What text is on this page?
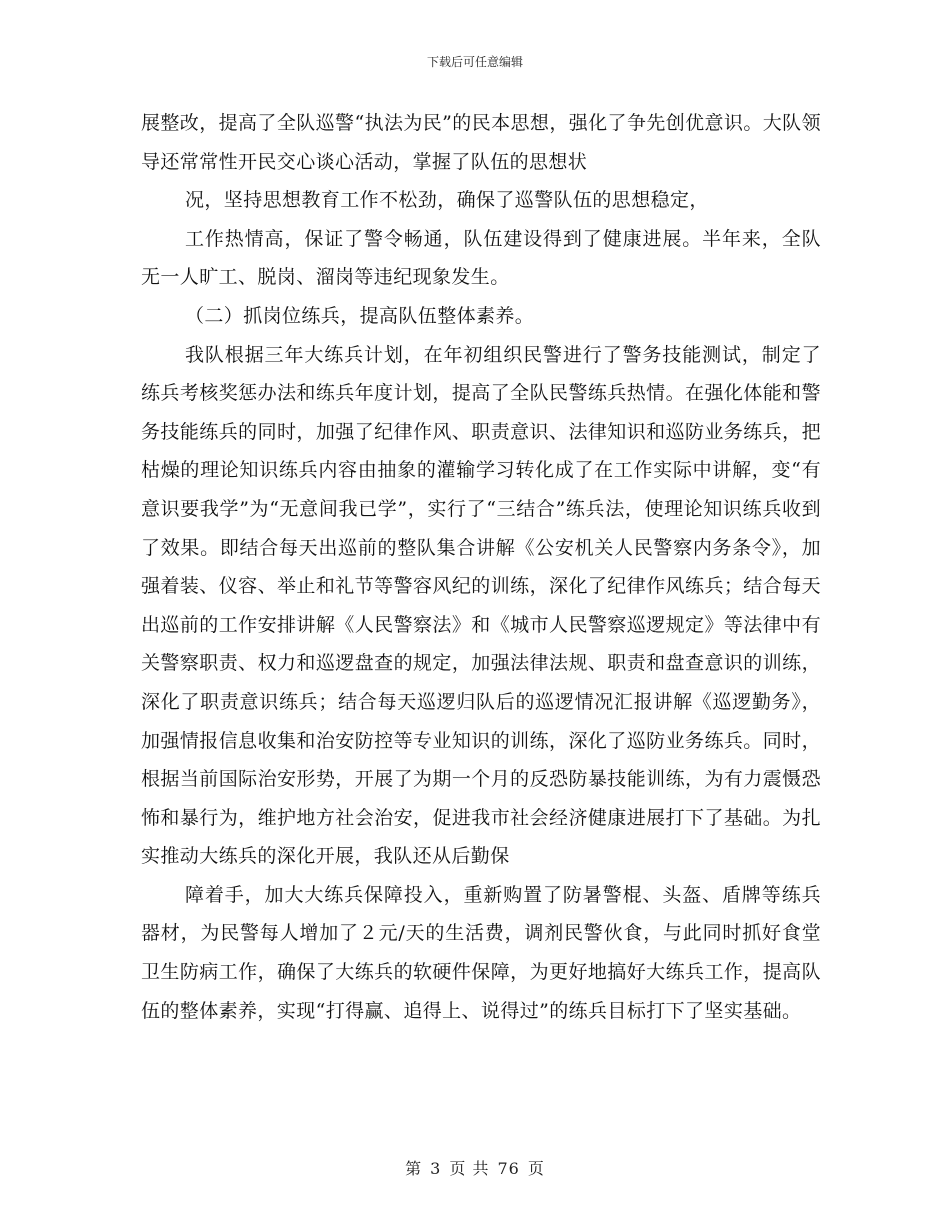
下载后可任意编辑

展整改，提高了全队巡警“执法为民”的民本思想，强化了争先创优意识。大队领导还常常性开民交心谈心活动，掌握了队伍的思想状

况，坚持思想教育工作不松劲，确保了巡警队伍的思想稳定，

工作热情高，保证了警令畅通，队伍建设得到了健康进展。半年来，全队无一人旷工、脱岗、溜岗等违纪现象发生。

（二）抓岗位练兵，提高队伍整体素养。

我队根据三年大练兵计划，在年初组织民警进行了警务技能测试，制定了练兵考核奖惩办法和练兵年度计划，提高了全队民警练兵热情。在强化体能和警务技能练兵的同时，加强了纪律作风、职责意识、法律知识和巡防业务练兵，把枯燥的理论知识练兵内容由抽象的灌输学习转化成了在工作实际中讲解，变“有意识要我学”为“无意间我已学”，实行了“三结合”练兵法，使理论知识练兵收到了效果。即结合每天出巡前的整队集合讲解《公安机关人民警察内务条令》，加强着装、仪容、举止和礼节等警容风纪的训练，深化了纪律作风练兵；结合每天出巡前的工作安排讲解《人民警察法》和《城市人民警察巡逻规定》等法律中有关警察职责、权力和巡逻盘查的规定，加强法律法规、职责和盘查意识的训练，深化了职责意识练兵；结合每天巡逻归队后的巡逻情况汇报讲解《巡逻勤务》，加强情报信息收集和治安防控等专业知识的训练，深化了巡防业务练兵。同时，根据当前国际治安形势，开展了为期一个月的反恐防暴技能训练，为有力震慑恐怖和暴行为，维护地方社会治安，促进我市社会经济健康进展打下了基础。为扎实推动大练兵的深化开展，我队还从后勤保

障着手，加大大练兵保障投入，重新购置了防暑警棍、头盔、盾牌等练兵器材，为民警每人增加了２元/天的生活费，调剂民警伙食，与此同时抓好食堂卫生防病工作，确保了大练兵的软硬件保障，为更好地搞好大练兵工作，提高队伍的整体素养，实现“打得赢、追得上、说得过”的练兵目标打下了坚实基础。

第 3 页 共 76 页
